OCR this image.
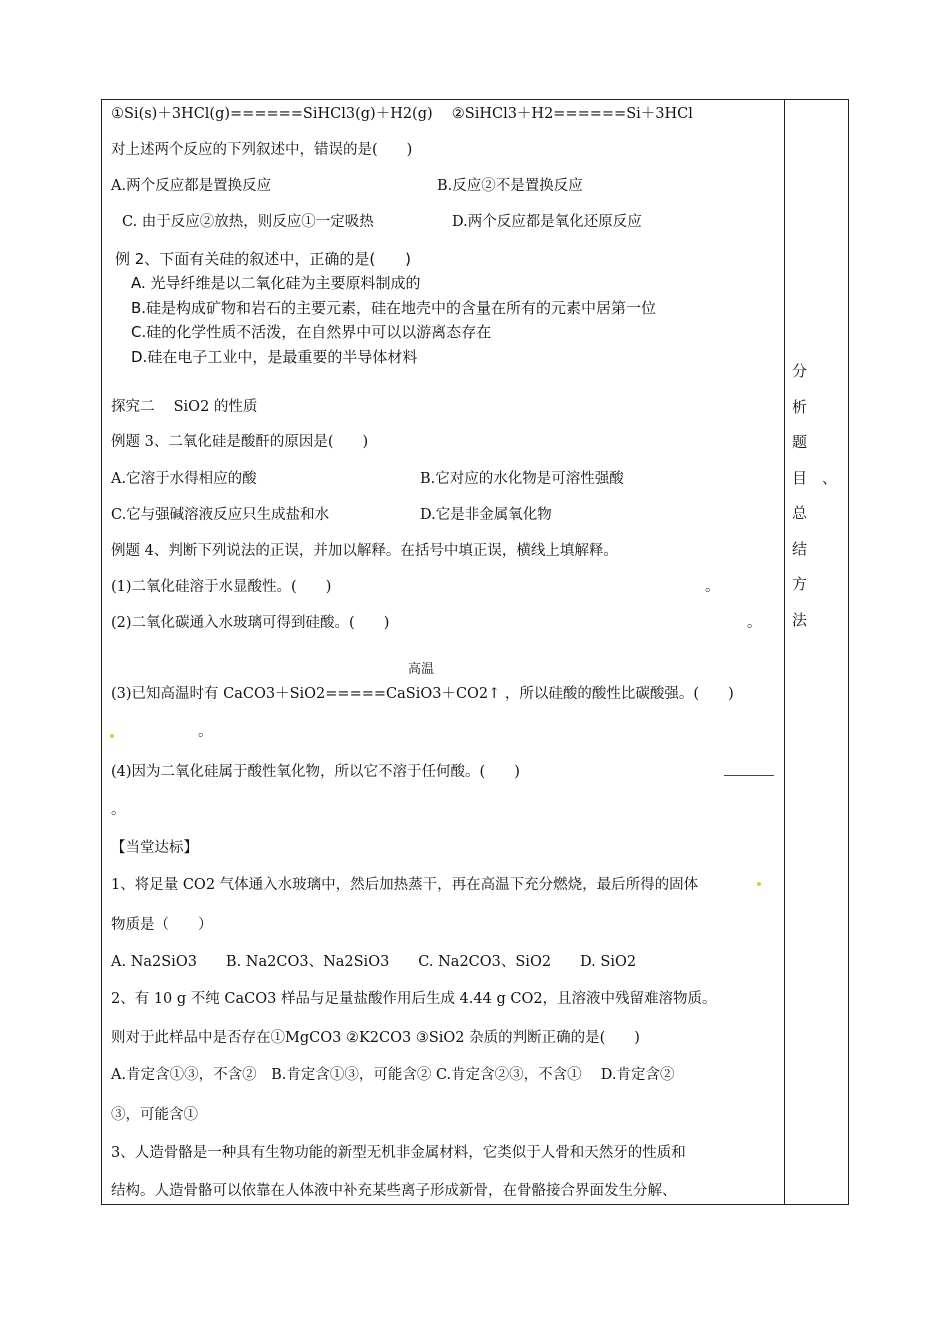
①Si(s)＋3HCl(g)======SiHCl3(g)＋H2(g)　 ②SiHCl3＋H2======Si＋3HCl
对上述两个反应的下列叙述中，错误的是(　　)
A.两个反应都是置换反应	B.反应②不是置换反应
C. 由于反应②放热，则反应①一定吸热	D.两个反应都是氧化还原反应
例 2、下面有关硅的叙述中，正确的是(　　)
A. 光导纤维是以二氧化硅为主要原料制成的
B.硅是构成矿物和岩石的主要元素，硅在地壳中的含量在所有的元素中居第一位
C.硅的化学性质不活泼，在自然界中可以以游离态存在
D.硅在电子工业中，是最重要的半导体材料
探究二　 SiO2 的性质
例题 3、二氧化硅是酸酐的原因是(　　)
A.它溶于水得相应的酸	B.它对应的水化物是可溶性强酸
C.它与强碱溶液反应只生成盐和水	D.它是非金属氧化物
例题 4、判断下列说法的正误，并加以解释。在括号中填正误，横线上填解释。
(1)二氧化硅溶于水显酸性。(　　)	。
(2)二氧化碳通入水玻璃可得到硅酸。(　　)	。
高温
(3)已知高温时有 CaCO3＋SiO2=====CaSiO3＋CO2↑ ，所以硅酸的酸性比碳酸强。(　　)
。
(4)因为二氧化硅属于酸性氧化物，所以它不溶于任何酸。(　　)
。
【当堂达标】
1、将足量 CO2 气体通入水玻璃中，然后加热蒸干，再在高温下充分燃烧，最后所得的固体
物质是（　　）
A. Na2SiO3　　B. Na2CO3、Na2SiO3　　C. Na2CO3、SiO2　　D. SiO2
2、有 10 g 不纯 CaCO3 样品与足量盐酸作用后生成 4.44 g CO2，且溶液中残留难溶物质。
则对于此样品中是否存在①MgCO3 ②K2CO3 ③SiO2 杂质的判断正确的是(　　)
A.肯定含①③，不含②　B.肯定含①③，可能含② C.肯定含②③，不含①　 D.肯定含②
③，可能含①
3、人造骨骼是一种具有生物功能的新型无机非金属材料，它类似于人骨和天然牙的性质和
结构。人造骨骼可以依靠在人体液中补充某些离子形成新骨，在骨骼接合界面发生分解、
分
析
题
目　、
总
结
方
法
